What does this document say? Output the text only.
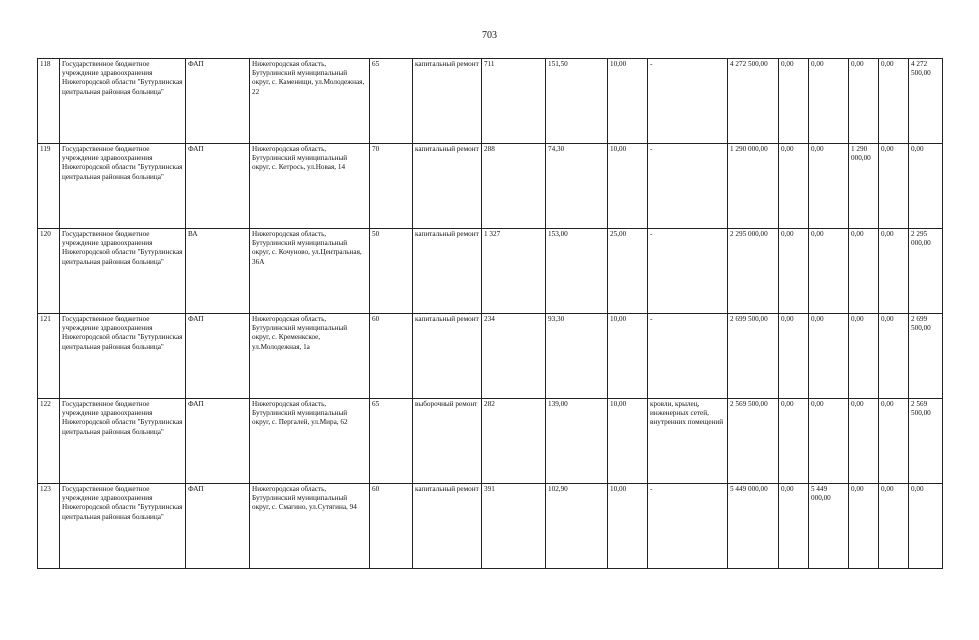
703
118	Государственное бюджетное учреждение здравоохранения Нижегородской области "Бутурлинская центральная районная больница"	ФАП	Нижегородская область, Бутурлинский муниципальный округ, с. Каменищи, ул.Молодежная, 22	65	капитальный ремонт	711	151,50	10,00	-	4 272 500,00	0,00	0,00	0,00	0,00	4 272 500,00
119	Государственное бюджетное учреждение здравоохранения Нижегородской области "Бутурлинская центральная районная больница"	ФАП	Нижегородская область, Бутурлинский муниципальный округ, с. Кетрось, ул.Новая, 14	70	капитальный ремонт	288	74,30	10,00	-	1 290 000,00	0,00	0,00	1 290 000,00	0,00	0,00
120	Государственное бюджетное учреждение здравоохранения Нижегородской области "Бутурлинская центральная районная больница"	ВА	Нижегородская область, Бутурлинский муниципальный округ, с. Кочуново, ул.Центральная, 36А	50	капитальный ремонт	1 327	153,00	25,00	-	2 295 000,00	0,00	0,00	0,00	0,00	2 295 000,00
121	Государственное бюджетное учреждение здравоохранения Нижегородской области "Бутурлинская центральная районная больница"	ФАП	Нижегородская область, Бутурлинский муниципальный округ, с. Кременкское, ул.Молодежная, 1а	60	капитальный ремонт	234	93,30	10,00	-	2 699 500,00	0,00	0,00	0,00	0,00	2 699 500,00
122	Государственное бюджетное учреждение здравоохранения Нижегородской области "Бутурлинская центральная районная больница"	ФАП	Нижегородская область, Бутурлинский муниципальный округ, с. Пергалей, ул.Мира, 62	65	выборочный ремонт	282	139,00	10,00	кровли, крылец, инженерных сетей, внутренних помещений	2 569 500,00	0,00	0,00	0,00	0,00	2 569 500,00
123	Государственное бюджетное учреждение здравоохранения Нижегородской области "Бутурлинская центральная районная больница"	ФАП	Нижегородская область, Бутурлинский муниципальный округ, с. Смагино, ул.Сутягина, 94	60	капитальный ремонт	391	102,90	10,00	-	5 449 000,00	0,00	5 449 000,00	0,00	0,00	0,00
